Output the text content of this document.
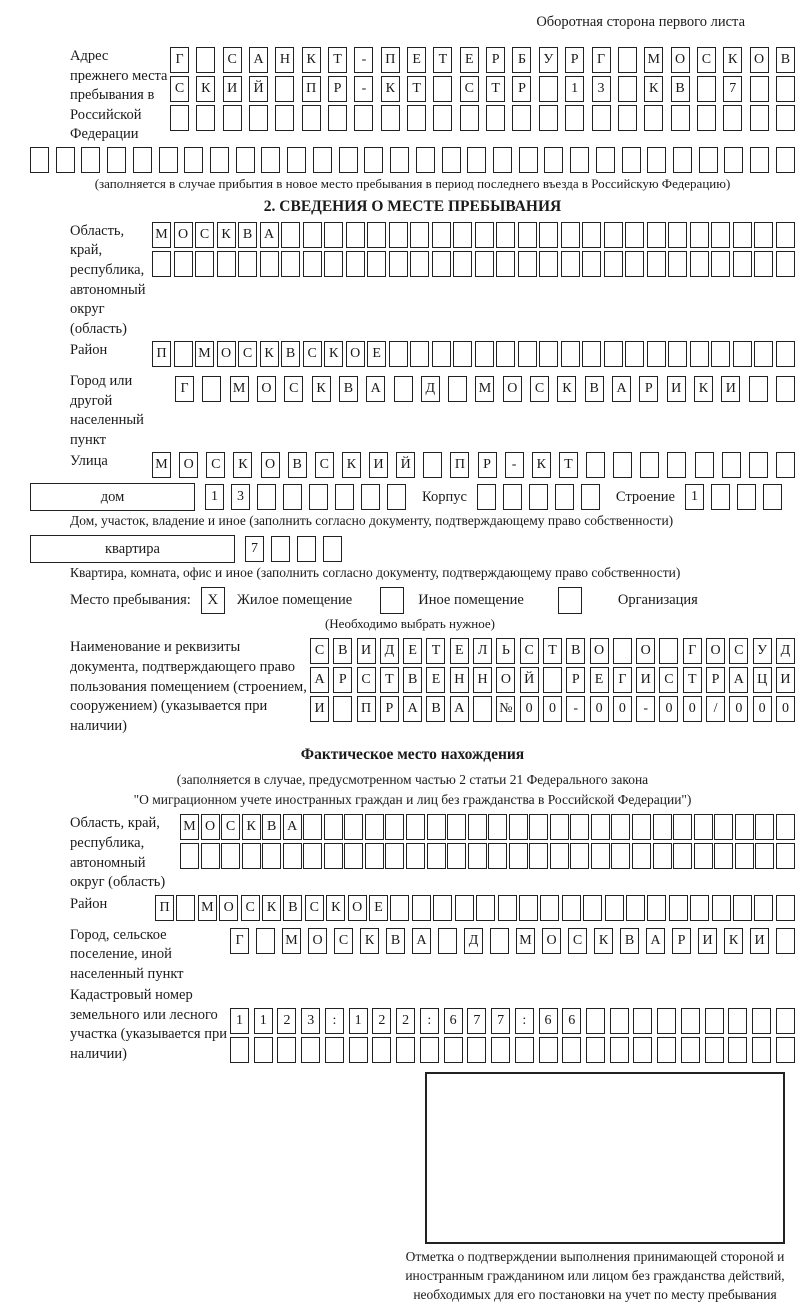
Оборотная сторона первого листа
Адрес прежнего места пребывания в Российской Федерации
Г	С	А	Н	К	Т	-	П	Е	Т	Е	Р	Б	У	Р	Г	М	О	С	К	О	В
С	К	И	Й	П	Р	-	К	Т	С	Т	Р	1	3	К	В	7
(заполняется в случае прибытия в новое место пребывания в период последнего въезда в Российскую Федерацию)
2. СВЕДЕНИЯ О МЕСТЕ ПРЕБЫВАНИЯ
Область, край, республика, автономный округ (область)
М О С К В А
Район	П	М О С К В С К О Е
Город или другой населенный пункт
Г	М	О	С	К	В	А	Д	М	О	С	К	В	А	Р	И	К	И
Улица	М	О	С	К	О	В	С	К	И	Й	П	Р	-	К	Т
дом	1	3	Корпус	Строение	1
Дом, участок, владение и иное (заполнить согласно документу, подтверждающему право собственности)
квартира	7
Квартира, комната, офис и иное (заполнить согласно документу, подтверждающему право собственности)
Место пребывания:	X	Жилое помещение	Иное помещение	Организация
(Необходимо выбрать нужное)
Наименование и реквизиты документа, подтверждающего право пользования помещением (строением, сооружением) (указывается при наличии)
С В И Д	Е	Т	Е	Л	Ь	С	Т	В О	О	Г	О С У Д
А	Р	С	Т	В	Е Н Н О Й	Р	Е	Г	И С	Т	Р	А Ц И
И	П	Р	А В А	№ 0	0	-	0	0	-	0	0	/	0	0	0
Фактическое место нахождения
(заполняется в случае, предусмотренном частью 2 статьи 21 Федерального закона
"О миграционном учете иностранных граждан и лиц без гражданства в Российской Федерации")
Область, край, республика, автономный округ (область)
М О С К В А
Район	П	М О С К В С К О Е
Город, сельское поселение, иной населенный пункт
Г	М	О	С	К	В	А	Д	М	О	С	К	В	А	Р	И	К	И
Кадастровый номер земельного или лесного участка (указывается при наличии)
1	1	2	3	:	1	2	2	:	6	7	7	:	6	6
Отметка о подтверждении выполнения принимающей стороной и иностранным гражданином или лицом без гражданства действий, необходимых для его постановки на учет по месту пребывания
